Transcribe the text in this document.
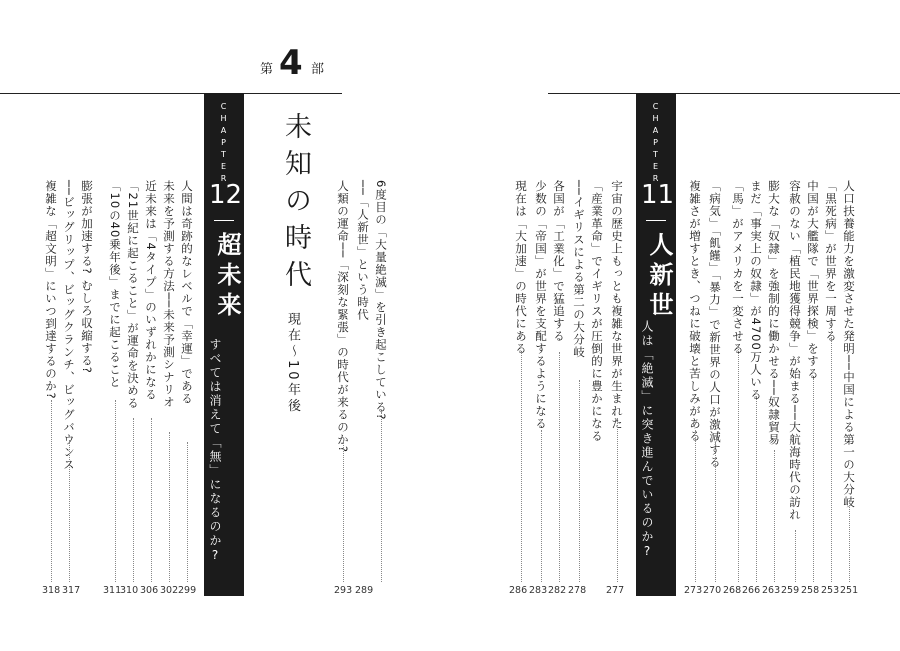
第 4 部
CHAPTER
12
超未来
すべては消えて「無」になるのか?
CHAPTER
11
人新世
人は「絶滅」に突き進んでいるのか?
未知の時代
現在〜10年後
人間は奇跡的なレベルで「幸運」である
未来を予測する方法──未来予測シナリオ
近未来は「4タイプ」のいずれかになる
「21世紀に起こること」が運命を決める
「10の40乗年後」までに起こること
膨張が加速する? むしろ収縮する?
──ビッグリップ、ビッグクランチ、ビッグバウンス
複雑な「超文明」にいつ到達するのか?
299
302
306
310
311
317
318
6度目の「大量絶滅」を引き起こしている?
──「人新世」という時代
人類の運命──「深刻な緊張」の時代が来るのか?
289
293
人口扶養能力を激変させた発明──中国による第一の大分岐
「黒死病」が世界を一周する
中国が大艦隊で「世界探検」をする
容赦のない「植民地獲得競争」が始まる──大航海時代の訪れ
膨大な「奴隷」を強制的に働かせる──奴隷貿易
まだ「事実上の奴隷」が4700万人いる
「馬」がアメリカを一変させる
「病気」「飢饉」「暴力」で新世界の人口が激減する
複雑さが増すとき、つねに破壊と苦しみがある
宇宙の歴史上もっとも複雑な世界が生まれた
「産業革命」でイギリスが圧倒的に豊かになる
──イギリスによる第二の大分岐
各国が「工業化」で猛追する
少数の「帝国」が世界を支配するようになる
現在は「大加速」の時代にある
251
253
258
259
263
266
268
270
273
277
278
282
283
286
